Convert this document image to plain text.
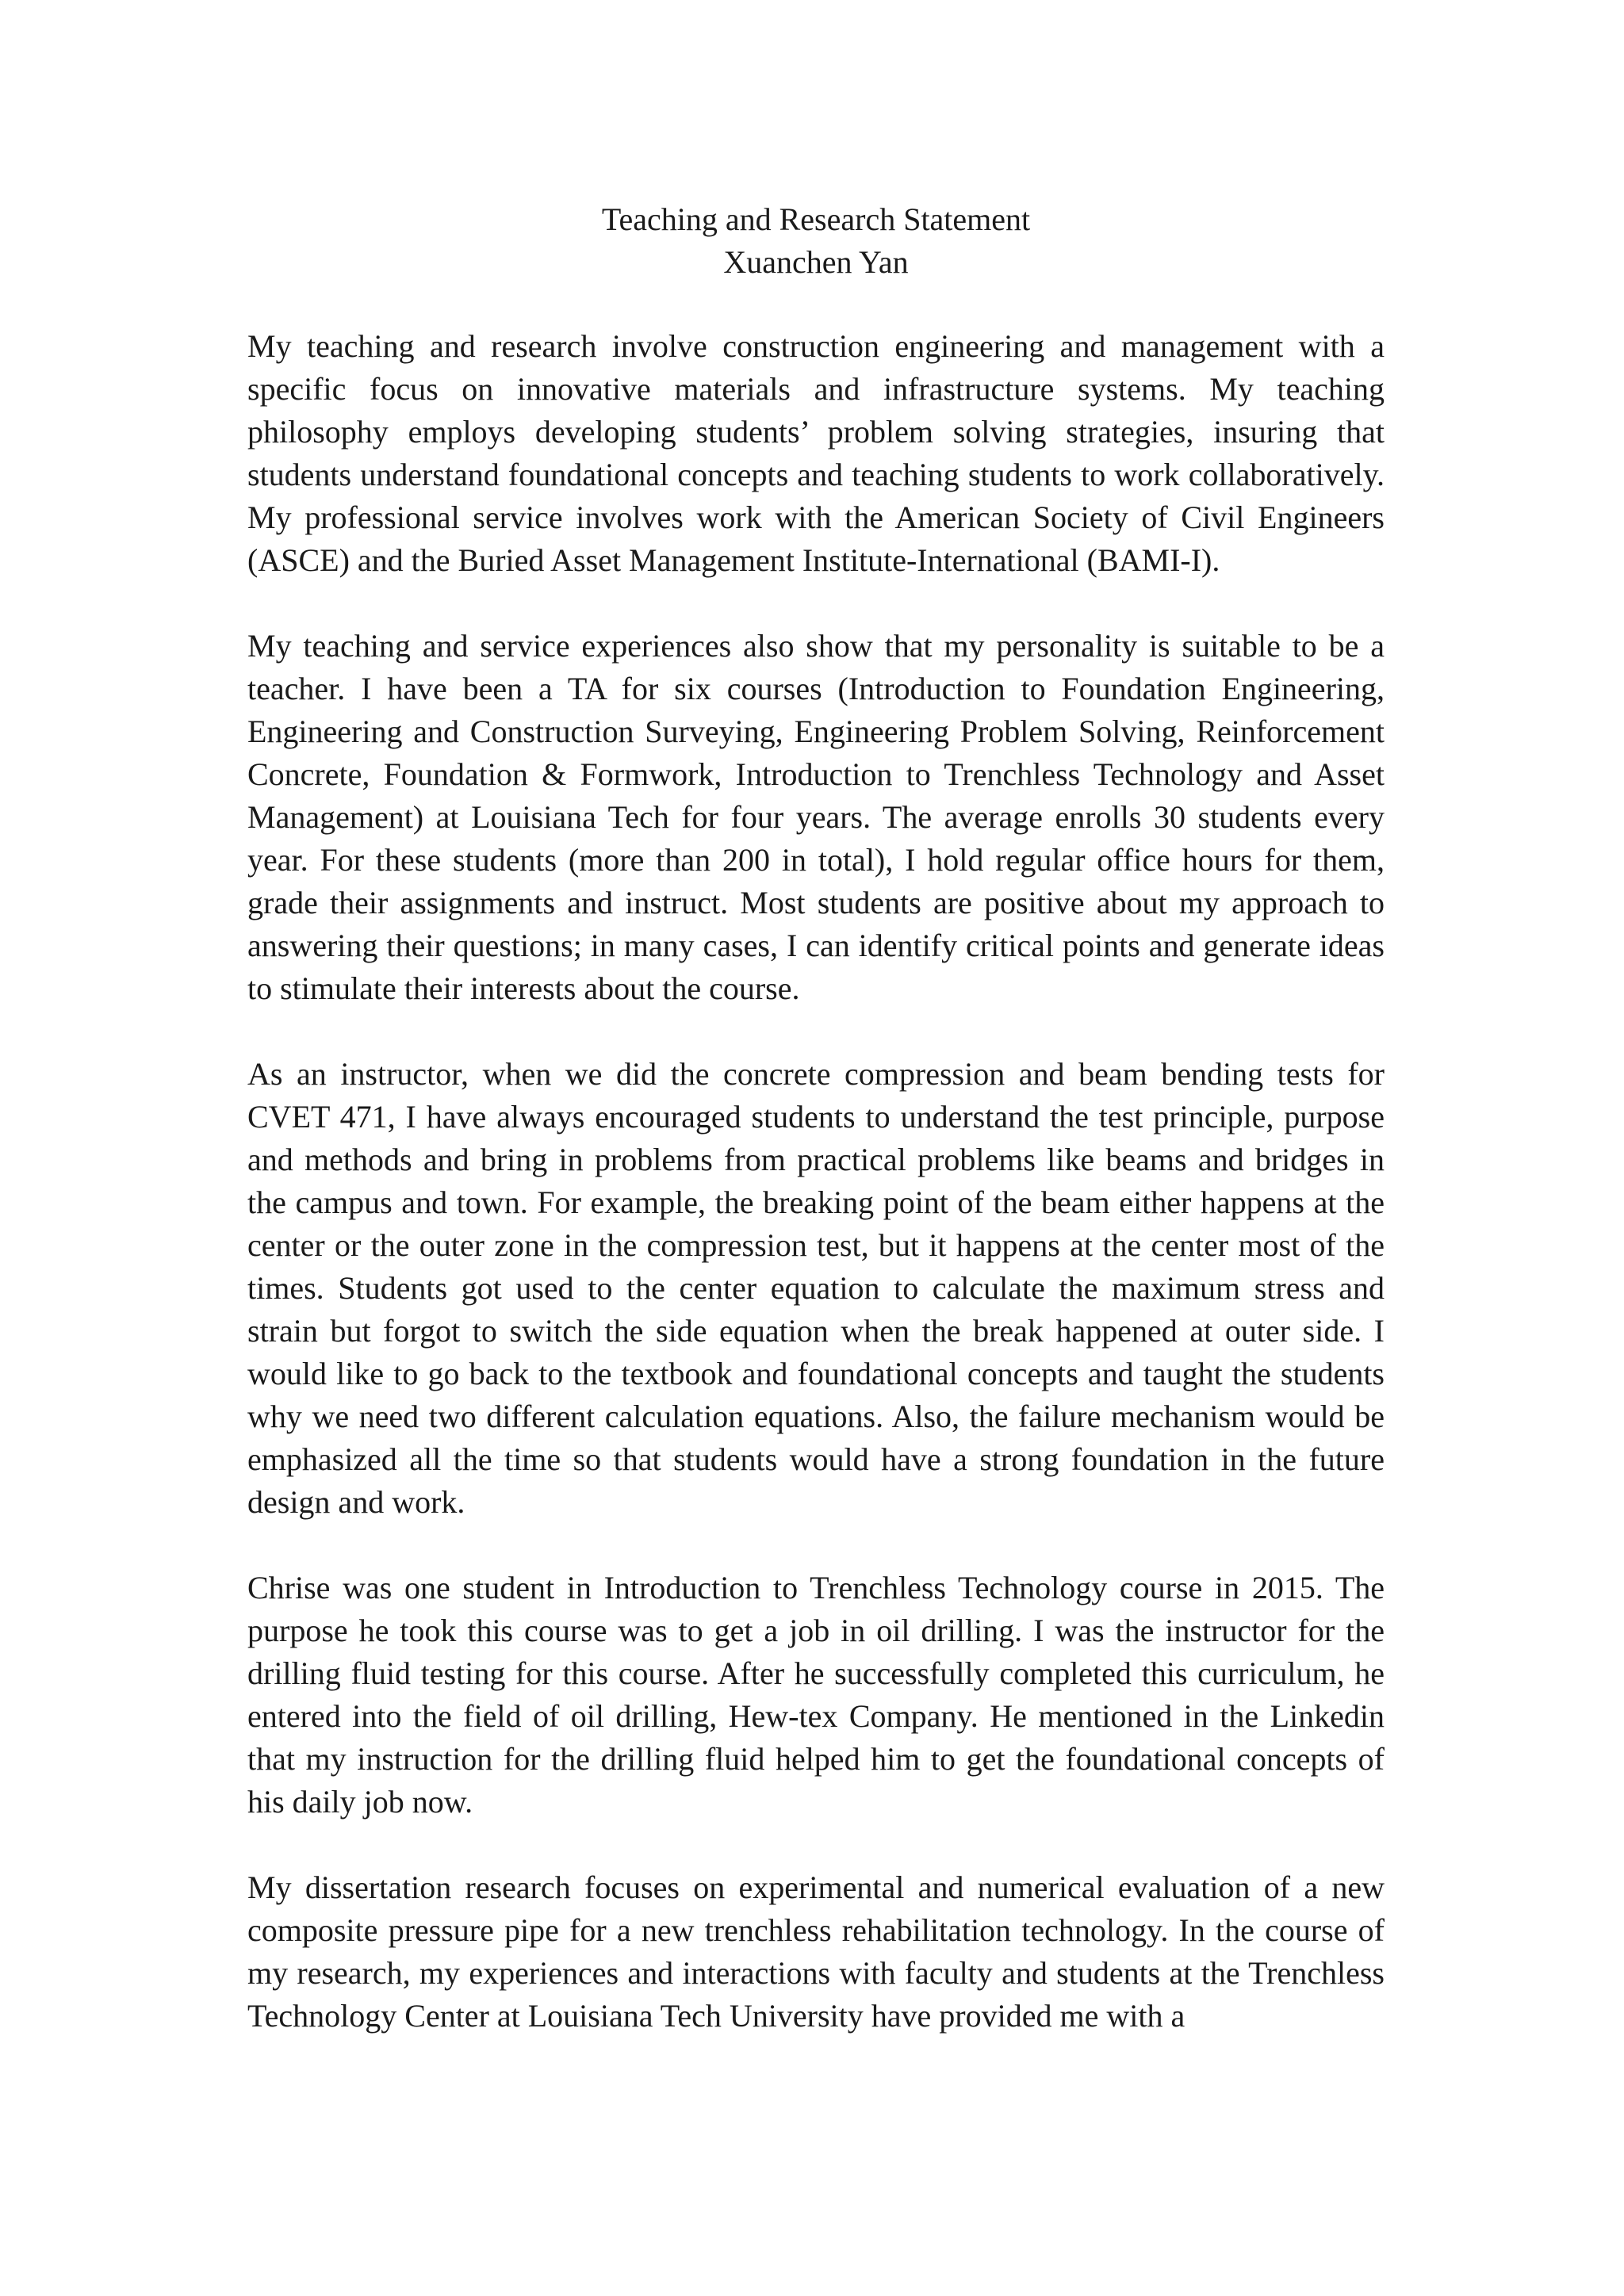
Teaching and Research Statement
Xuanchen Yan

My teaching and research involve construction engineering and management with a specific focus on innovative materials and infrastructure systems. My teaching philosophy employs developing students’ problem solving strategies, insuring that students understand foundational concepts and teaching students to work collaboratively. My professional service involves work with the American Society of Civil Engineers (ASCE) and the Buried Asset Management Institute-International (BAMI-I).

My teaching and service experiences also show that my personality is suitable to be a teacher. I have been a TA for six courses (Introduction to Foundation Engineering, Engineering and Construction Surveying, Engineering Problem Solving, Reinforcement Concrete, Foundation & Formwork, Introduction to Trenchless Technology and Asset Management) at Louisiana Tech for four years. The average enrolls 30 students every year. For these students (more than 200 in total), I hold regular office hours for them, grade their assignments and instruct. Most students are positive about my approach to answering their questions; in many cases, I can identify critical points and generate ideas to stimulate their interests about the course.

As an instructor, when we did the concrete compression and beam bending tests for CVET 471, I have always encouraged students to understand the test principle, purpose and methods and bring in problems from practical problems like beams and bridges in the campus and town. For example, the breaking point of the beam either happens at the center or the outer zone in the compression test, but it happens at the center most of the times. Students got used to the center equation to calculate the maximum stress and strain but forgot to switch the side equation when the break happened at outer side. I would like to go back to the textbook and foundational concepts and taught the students why we need two different calculation equations. Also, the failure mechanism would be emphasized all the time so that students would have a strong foundation in the future design and work.

Chrise was one student in Introduction to Trenchless Technology course in 2015. The purpose he took this course was to get a job in oil drilling. I was the instructor for the drilling fluid testing for this course. After he successfully completed this curriculum, he entered into the field of oil drilling, Hew-tex Company. He mentioned in the Linkedin that my instruction for the drilling fluid helped him to get the foundational concepts of his daily job now.

My dissertation research focuses on experimental and numerical evaluation of a new composite pressure pipe for a new trenchless rehabilitation technology. In the course of my research, my experiences and interactions with faculty and students at the Trenchless Technology Center at Louisiana Tech University have provided me with a
